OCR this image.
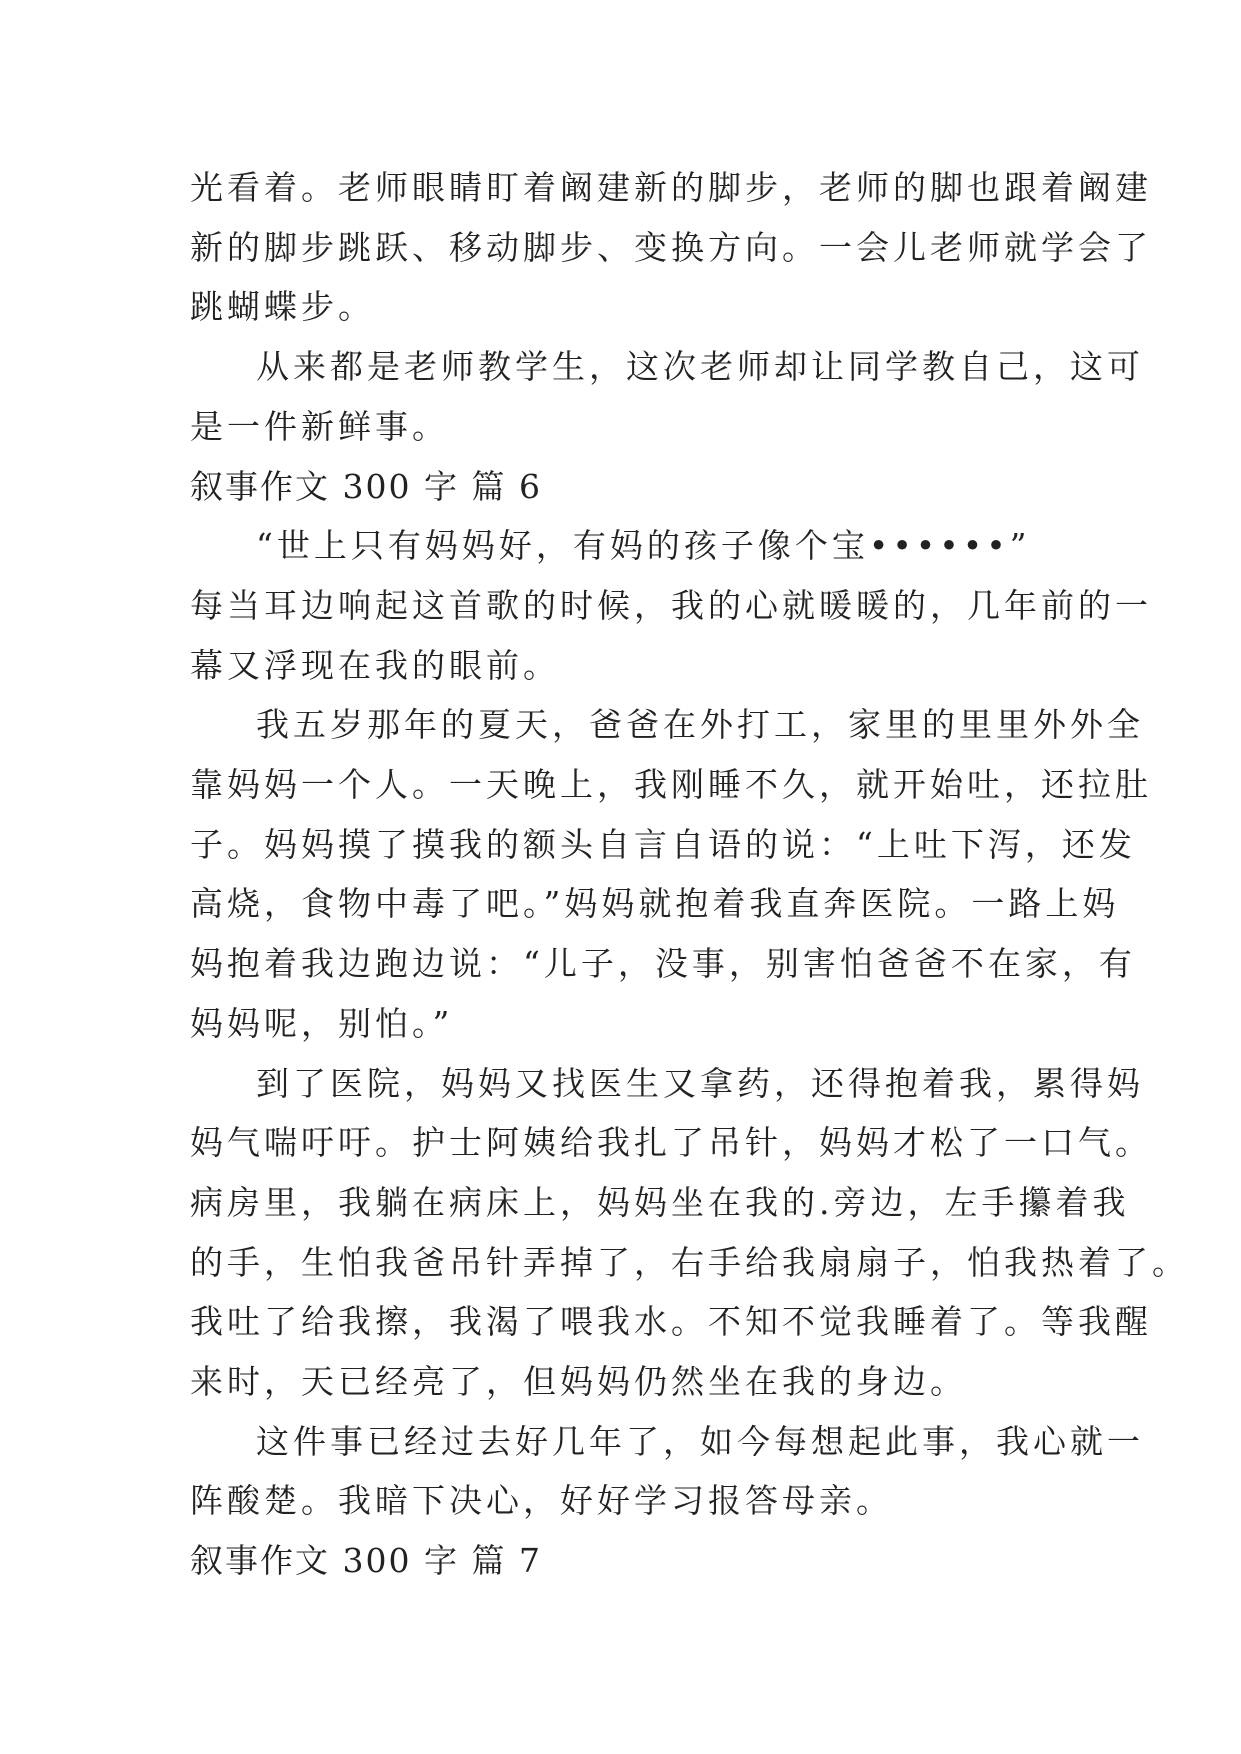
光看着。老师眼睛盯着阚建新的脚步，老师的脚也跟着阚建
新的脚步跳跃、移动脚步、变换方向。一会儿老师就学会了
跳蝴蝶步。
从来都是老师教学生，这次老师却让同学教自己，这可
是一件新鲜事。
叙事作文 300 字 篇 6
“世上只有妈妈好，有妈的孩子像个宝••••••”
每当耳边响起这首歌的时候，我的心就暖暖的，几年前的一
幕又浮现在我的眼前。
我五岁那年的夏天，爸爸在外打工，家里的里里外外全
靠妈妈一个人。一天晚上，我刚睡不久，就开始吐，还拉肚
子。妈妈摸了摸我的额头自言自语的说：“上吐下泻，还发
高烧，食物中毒了吧。”妈妈就抱着我直奔医院。一路上妈
妈抱着我边跑边说：“儿子，没事，别害怕爸爸不在家，有
妈妈呢，别怕。”
到了医院，妈妈又找医生又拿药，还得抱着我，累得妈
妈气喘吁吁。护士阿姨给我扎了吊针，妈妈才松了一口气。
病房里，我躺在病床上，妈妈坐在我的.旁边，左手攥着我
的手，生怕我爸吊针弄掉了，右手给我扇扇子，怕我热着了。
我吐了给我擦，我渴了喂我水。不知不觉我睡着了。等我醒
来时，天已经亮了，但妈妈仍然坐在我的身边。
这件事已经过去好几年了，如今每想起此事，我心就一
阵酸楚。我暗下决心，好好学习报答母亲。
叙事作文 300 字 篇 7
